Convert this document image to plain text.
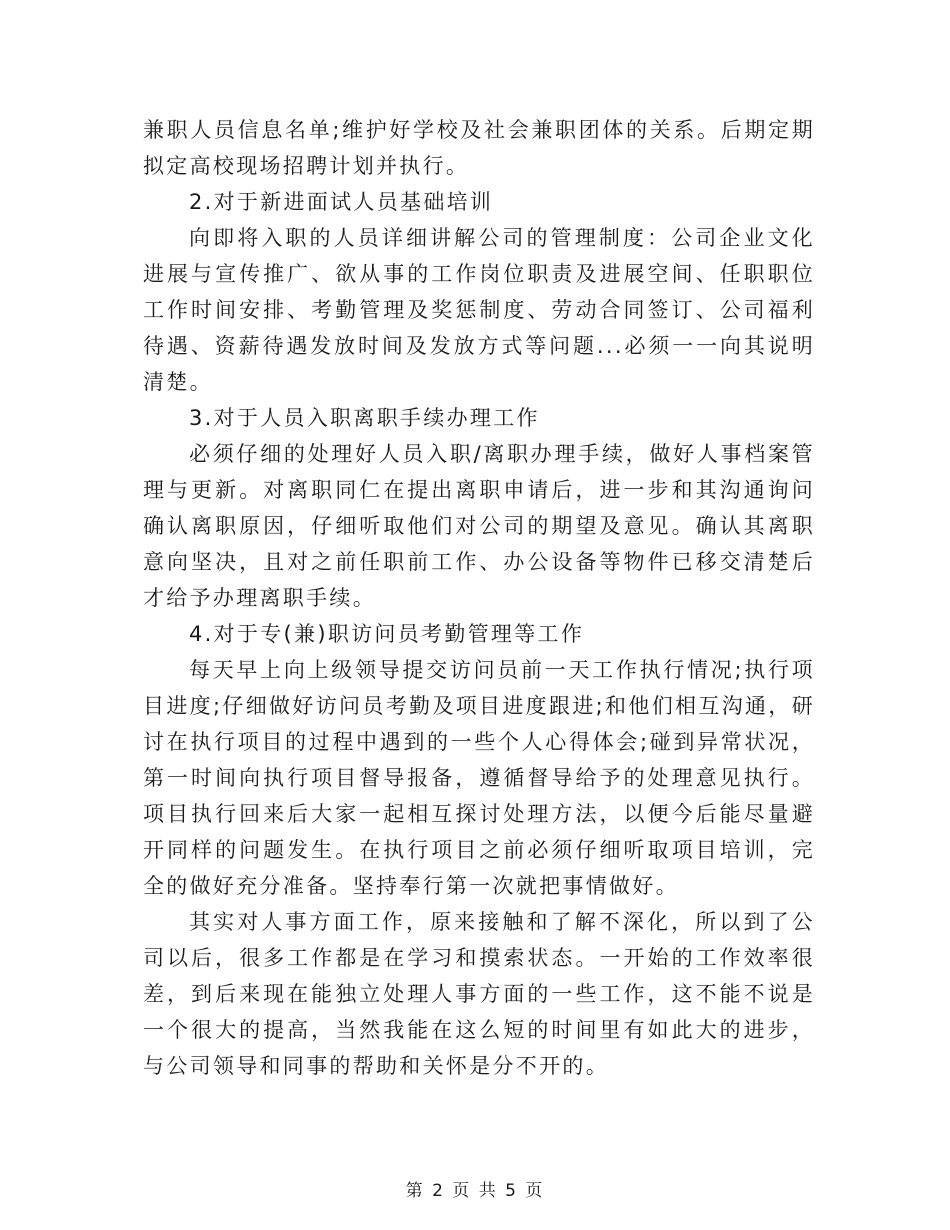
兼职人员信息名单;维护好学校及社会兼职团体的关系。后期定期拟定高校现场招聘计划并执行。

2.对于新进面试人员基础培训

向即将入职的人员详细讲解公司的管理制度：公司企业文化进展与宣传推广、欲从事的工作岗位职责及进展空间、任职职位工作时间安排、考勤管理及奖惩制度、劳动合同签订、公司福利待遇、资薪待遇发放时间及发放方式等问题...必须一一向其说明清楚。

3.对于人员入职离职手续办理工作

必须仔细的处理好人员入职/离职办理手续，做好人事档案管理与更新。对离职同仁在提出离职申请后，进一步和其沟通询问确认离职原因，仔细听取他们对公司的期望及意见。确认其离职意向坚决，且对之前任职前工作、办公设备等物件已移交清楚后才给予办理离职手续。

4.对于专(兼)职访问员考勤管理等工作

每天早上向上级领导提交访问员前一天工作执行情况;执行项目进度;仔细做好访问员考勤及项目进度跟进;和他们相互沟通，研讨在执行项目的过程中遇到的一些个人心得体会;碰到异常状况，第一时间向执行项目督导报备，遵循督导给予的处理意见执行。项目执行回来后大家一起相互探讨处理方法，以便今后能尽量避开同样的问题发生。在执行项目之前必须仔细听取项目培训，完全的做好充分准备。坚持奉行第一次就把事情做好。

其实对人事方面工作，原来接触和了解不深化，所以到了公司以后，很多工作都是在学习和摸索状态。一开始的工作效率很差，到后来现在能独立处理人事方面的一些工作，这不能不说是一个很大的提高，当然我能在这么短的时间里有如此大的进步，与公司领导和同事的帮助和关怀是分不开的。

第 2 页 共 5 页
